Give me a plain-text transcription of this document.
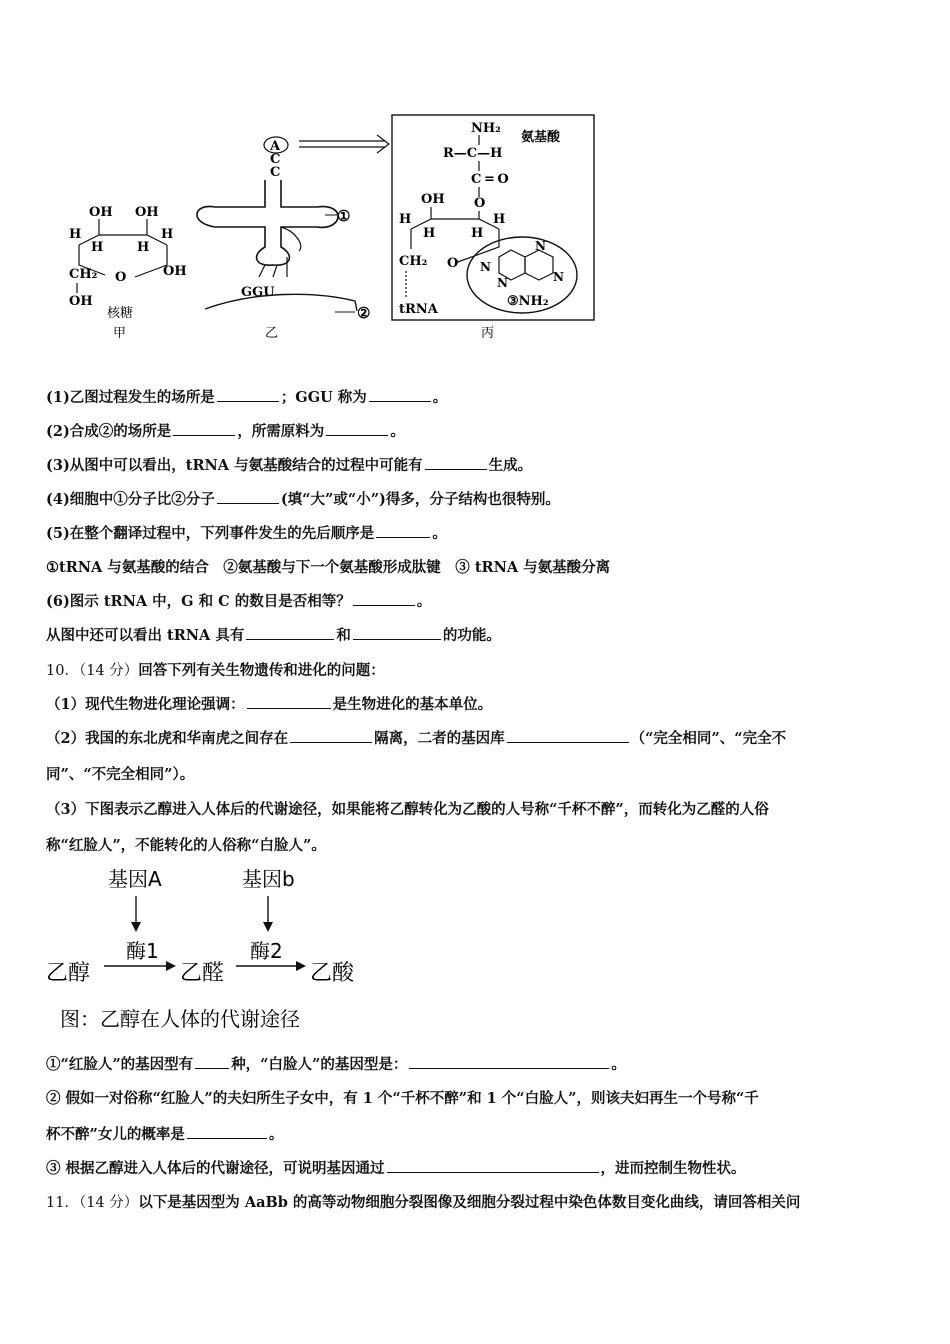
OH OH
H
H	H
H
CH₂ O	OH
OH
核糖
甲
A
C
C
GGU
①
②
乙
NH₂
R—C—H
氨基酸
C = O
O
OH
H
H	H
H
CH₂ O
tRNA
N
N
N
N
③NH₂
丙
(1)乙图过程发生的场所是	；GGU 称为	。
(2)合成②的场所是	，所需原料为	。
(3)从图中可以看出，tRNA 与氨基酸结合的过程中可能有	生成。
(4)细胞中①分子比②分子	(填“大”或“小”)得多，分子结构也很特别。
(5)在整个翻译过程中，下列事件发生的先后顺序是	。
①tRNA 与氨基酸的结合　②氨基酸与下一个氨基酸形成肽键　③ tRNA 与氨基酸分离
(6)图示 tRNA 中，G 和 C 的数目是否相等？	。
从图中还可以看出 tRNA 具有	和	的功能。
10．（14 分）回答下列有关生物遗传和进化的问题：
（1）现代生物进化理论强调：	是生物进化的基本单位。
（2）我国的东北虎和华南虎之间存在	隔离，二者的基因库	（“完全相同”、“完全不
同”、“不完全相同”）。
（3）下图表示乙醇进入人体后的代谢途径，如果能将乙醇转化为乙酸的人号称“千杯不醉”，而转化为乙醛的人俗
称“红脸人”，不能转化的人俗称“白脸人”。
基因A	基因b
酶1	酶2
乙醇	乙醛	乙酸
图：乙醇在人体的代谢途径
①“红脸人”的基因型有	种，“白脸人”的基因型是：	。
② 假如一对俗称“红脸人”的夫妇所生子女中，有 1 个“千杯不醉”和 1 个“白脸人”，则该夫妇再生一个号称“千
杯不醉”女儿的概率是	。
③ 根据乙醇进入人体后的代谢途径，可说明基因通过	，进而控制生物性状。
11．（14 分）以下是基因型为 AaBb 的高等动物细胞分裂图像及细胞分裂过程中染色体数目变化曲线，请回答相关问
